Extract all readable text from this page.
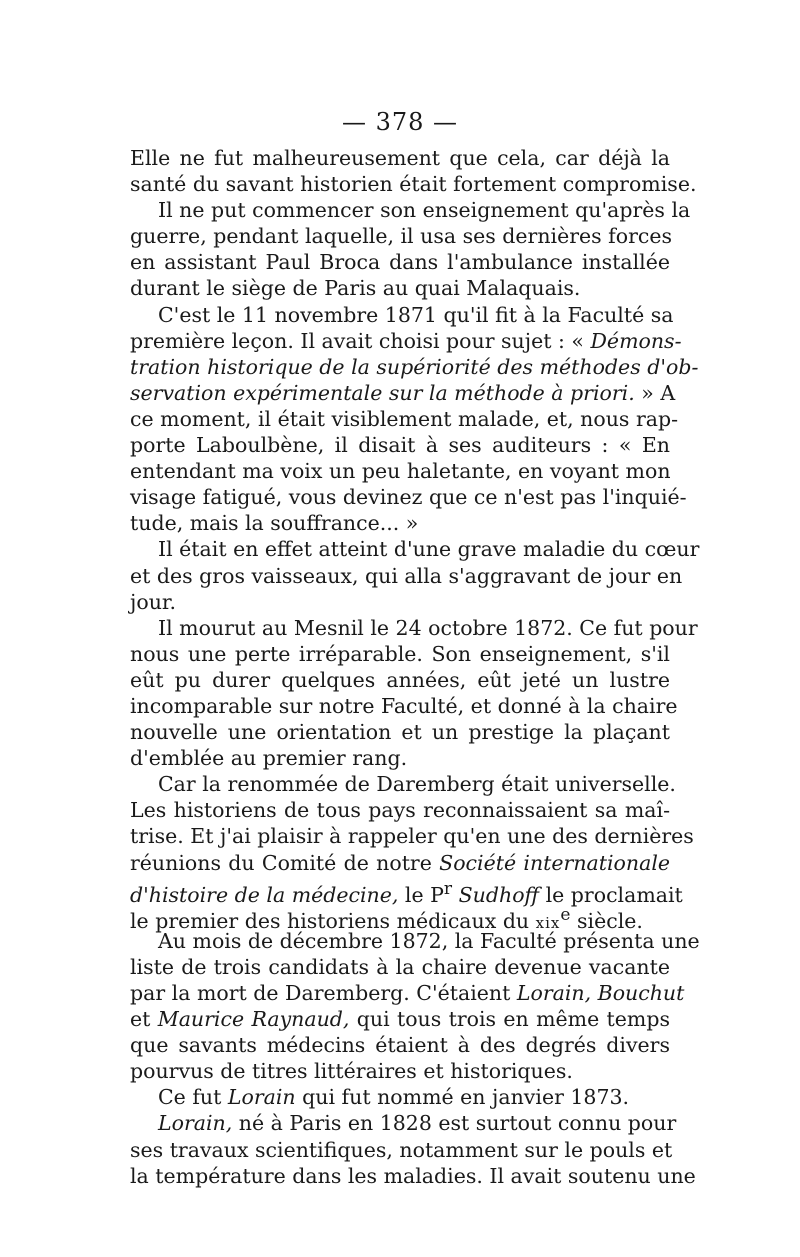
— 378 —
Elle ne fut malheureusement que cela, car déjà la
santé du savant historien était fortement compromise.
Il ne put commencer son enseignement qu'après la
guerre, pendant laquelle, il usa ses dernières forces
en assistant Paul Broca dans l'ambulance installée
durant le siège de Paris au quai Malaquais.
C'est le 11 novembre 1871 qu'il fit à la Faculté sa
première leçon. Il avait choisi pour sujet : « Démons-
tration historique de la supériorité des méthodes d'ob-
servation expérimentale sur la méthode à priori. » A
ce moment, il était visiblement malade, et, nous rap-
porte Laboulbène, il disait à ses auditeurs : « En
entendant ma voix un peu haletante, en voyant mon
visage fatigué, vous devinez que ce n'est pas l'inquié-
tude, mais la souffrance... »
Il était en effet atteint d'une grave maladie du cœur
et des gros vaisseaux, qui alla s'aggravant de jour en
jour.
Il mourut au Mesnil le 24 octobre 1872. Ce fut pour
nous une perte irréparable. Son enseignement, s'il
eût pu durer quelques années, eût jeté un lustre
incomparable sur notre Faculté, et donné à la chaire
nouvelle une orientation et un prestige la plaçant
d'emblée au premier rang.
Car la renommée de Daremberg était universelle.
Les historiens de tous pays reconnaissaient sa maî-
trise. Et j'ai plaisir à rappeler qu'en une des dernières
réunions du Comité de notre Société internationale
d'histoire de la médecine, le $P^r$ Sudhoff le proclamait
le premier des historiens médicaux du xix$^e$ siècle.
Au mois de décembre 1872, la Faculté présenta une
liste de trois candidats à la chaire devenue vacante
par la mort de Daremberg. C'étaient Lorain, Bouchut
et Maurice Raynaud, qui tous trois en même temps
que savants médecins étaient à des degrés divers
pourvus de titres littéraires et historiques.
Ce fut Lorain qui fut nommé en janvier 1873.
Lorain, né à Paris en 1828 est surtout connu pour
ses travaux scientifiques, notamment sur le pouls et
la température dans les maladies. Il avait soutenu une
